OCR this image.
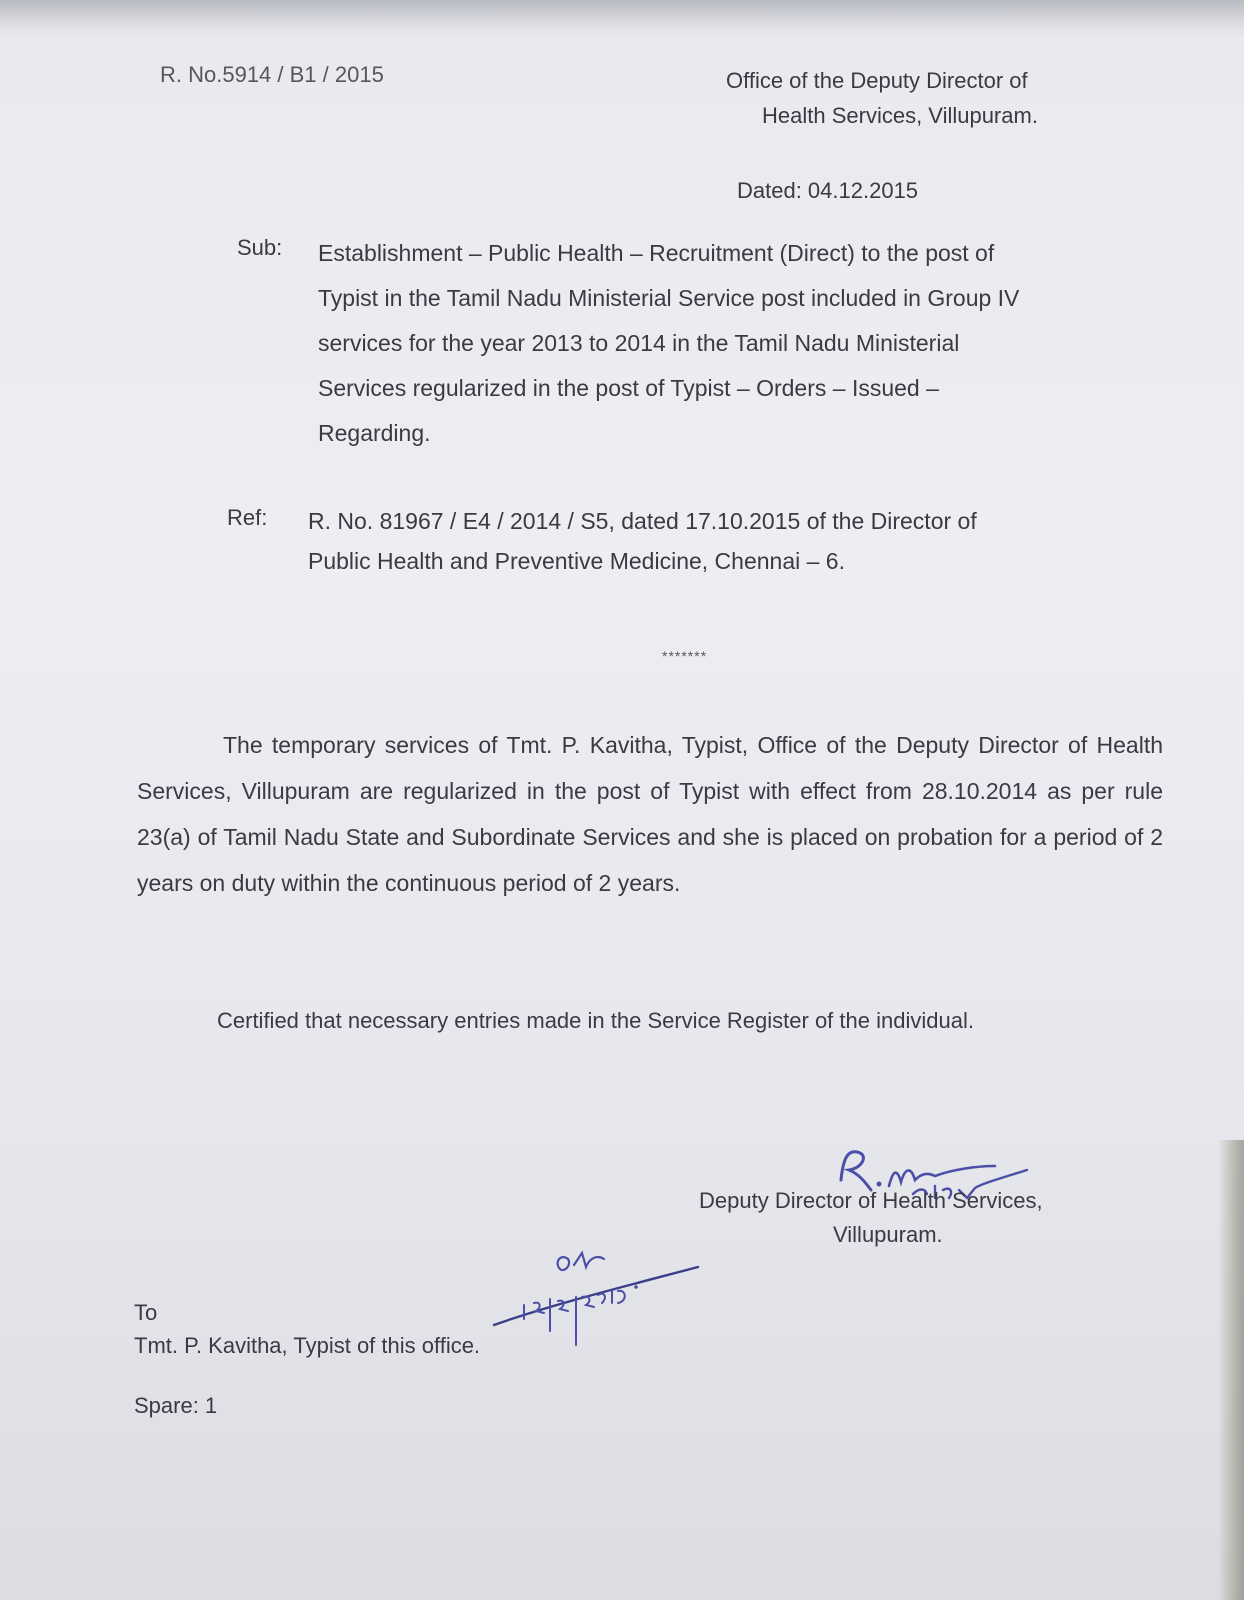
R. No.5914 / B1 / 2015	Office of the Deputy Director of
Health Services, Villupuram.
Dated: 04.12.2015
Sub: Establishment – Public Health – Recruitment (Direct) to the post of
Typist in the Tamil Nadu Ministerial Service post included in Group IV
services for the year 2013 to 2014 in the Tamil Nadu Ministerial
Services regularized in the post of Typist – Orders – Issued –
Regarding.
Ref: R. No. 81967 / E4 / 2014 / S5, dated 17.10.2015 of the Director of
Public Health and Preventive Medicine, Chennai – 6.
*******
The temporary services of Tmt. P. Kavitha, Typist, Office of the Deputy Director of Health Services, Villupuram are regularized in the post of Typist with effect from 28.10.2014 as per rule 23(a) of Tamil Nadu State and Subordinate Services and she is placed on probation for a period of 2 years on duty within the continuous period of 2 years.
Certified that necessary entries made in the Service Register of the individual.
Deputy Director of Health Services,
Villupuram.
To
Tmt. P. Kavitha, Typist of this office.
Spare: 1
